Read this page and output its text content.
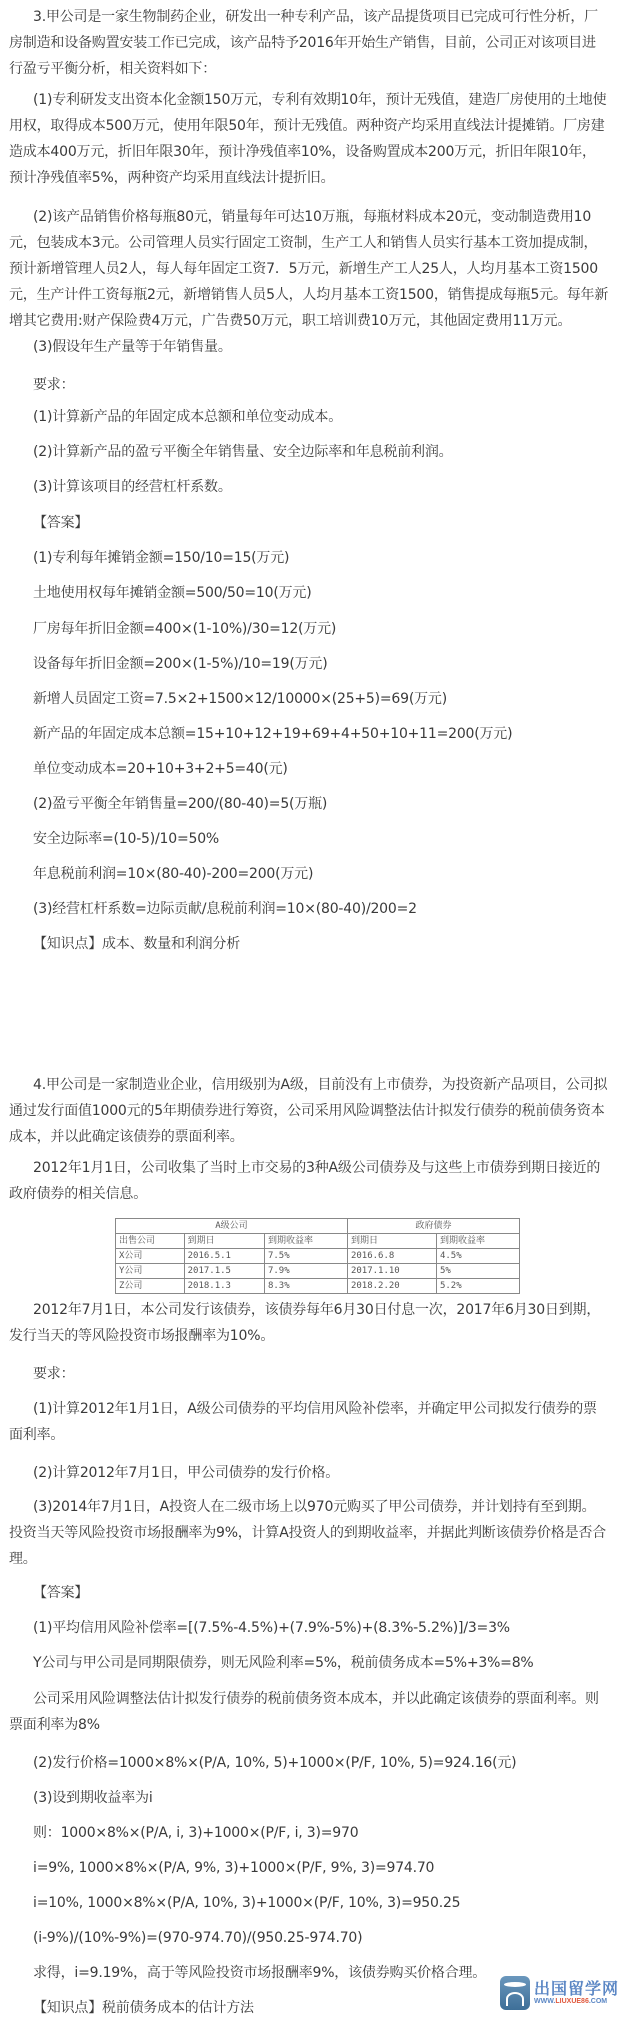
3.甲公司是一家生物制药企业，研发出一种专利产品，该产品提货项目已完成可行性分析，厂房制造和设备购置安装工作已完成，该产品特予2016年开始生产销售，目前，公司正对该项目进行盈亏平衡分析，相关资料如下：
(1)专利研发支出资本化金额150万元，专利有效期10年，预计无残值，建造厂房使用的土地使用权，取得成本500万元，使用年限50年，预计无残值。两种资产均采用直线法计提摊销。厂房建造成本400万元，折旧年限30年，预计净残值率10%，设备购置成本200万元，折旧年限10年，预计净残值率5%，两种资产均采用直线法计提折旧。
(2)该产品销售价格每瓶80元，销量每年可达10万瓶，每瓶材料成本20元，变动制造费用10元，包装成本3元。公司管理人员实行固定工资制，生产工人和销售人员实行基本工资加提成制，预计新增管理人员2人，每人每年固定工资7．5万元，新增生产工人25人，人均月基本工资1500元，生产计件工资每瓶2元，新增销售人员5人，人均月基本工资1500，销售提成每瓶5元。每年新增其它费用:财产保险费4万元，广告费50万元，职工培训费10万元，其他固定费用11万元。
(3)假设年生产量等于年销售量。
要求：
(1)计算新产品的年固定成本总额和单位变动成本。
(2)计算新产品的盈亏平衡全年销售量、安全边际率和年息税前利润。
(3)计算该项目的经营杠杆系数。
【答案】
(1)专利每年摊销金额=150/10=15(万元)
土地使用权每年摊销金额=500/50=10(万元)
厂房每年折旧金额=400×(1-10%)/30=12(万元)
设备每年折旧金额=200×(1-5%)/10=19(万元)
新增人员固定工资=7.5×2+1500×12/10000×(25+5)=69(万元)
新产品的年固定成本总额=15+10+12+19+69+4+50+10+11=200(万元)
单位变动成本=20+10+3+2+5=40(元)
(2)盈亏平衡全年销售量=200/(80-40)=5(万瓶)
安全边际率=(10-5)/10=50%
年息税前利润=10×(80-40)-200=200(万元)
(3)经营杠杆系数=边际贡献/息税前利润=10×(80-40)/200=2
【知识点】成本、数量和利润分析
4.甲公司是一家制造业企业，信用级别为A级，目前没有上市债券，为投资新产品项目，公司拟通过发行面值1000元的5年期债券进行筹资，公司采用风险调整法估计拟发行债券的税前债务资本成本，并以此确定该债券的票面利率。
2012年1月1日，公司收集了当时上市交易的3种A级公司债券及与这些上市债券到期日接近的政府债券的相关信息。
A级公司			政府债券	
出售公司	到期日	到期收益率	到期日	到期收益率
X公司	2016.5.1	7.5%	2016.6.8	4.5%
Y公司	2017.1.5	7.9%	2017.1.10	5%
Z公司	2018.1.3	8.3%	2018.2.20	5.2%
2012年7月1日，本公司发行该债券，该债券每年6月30日付息一次，2017年6月30日到期，发行当天的等风险投资市场报酬率为10%。
要求：
(1)计算2012年1月1日，A级公司债券的平均信用风险补偿率，并确定甲公司拟发行债券的票面利率。
(2)计算2012年7月1日，甲公司债券的发行价格。
(3)2014年7月1日，A投资人在二级市场上以970元购买了甲公司债券，并计划持有至到期。投资当天等风险投资市场报酬率为9%，计算A投资人的到期收益率，并据此判断该债券价格是否合理。
【答案】
(1)平均信用风险补偿率=[(7.5%-4.5%)+(7.9%-5%)+(8.3%-5.2%)]/3=3%
Y公司与甲公司是同期限债券，则无风险利率=5%，税前债务成本=5%+3%=8%
公司采用风险调整法估计拟发行债券的税前债务资本成本，并以此确定该债券的票面利率。则票面利率为8%
(2)发行价格=1000×8%×(P/A, 10%, 5)+1000×(P/F, 10%, 5)=924.16(元)
(3)设到期收益率为i
则：1000×8%×(P/A, i, 3)+1000×(P/F, i, 3)=970
i=9%, 1000×8%×(P/A, 9%, 3)+1000×(P/F, 9%, 3)=974.70
i=10%, 1000×8%×(P/A, 10%, 3)+1000×(P/F, 10%, 3)=950.25
(i-9%)/(10%-9%)=(970-974.70)/(950.25-974.70)
求得，i=9.19%，高于等风险投资市场报酬率9%，该债券购买价格合理。
【知识点】税前债务成本的估计方法
出国留学网
WWW.LIUXUE86.COM
